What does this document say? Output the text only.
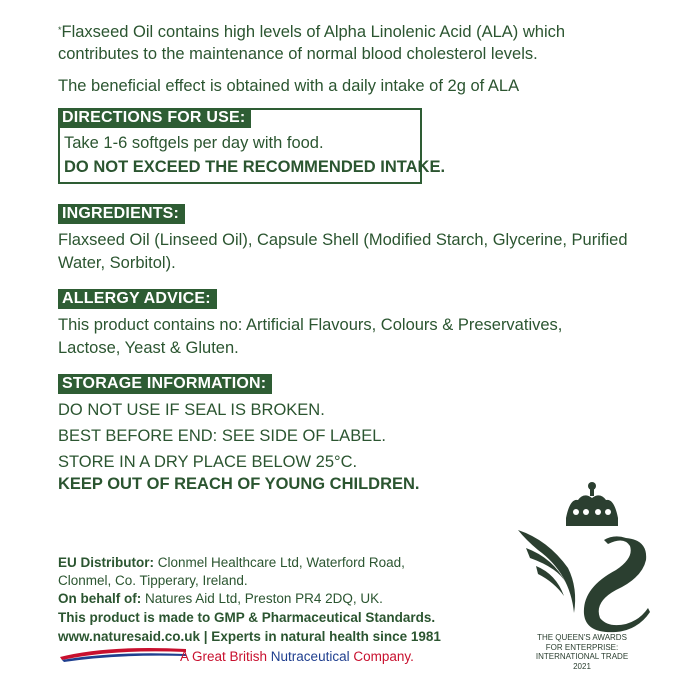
*Flaxseed Oil contains high levels of Alpha Linolenic Acid (ALA) which
contributes to the maintenance of normal blood cholesterol levels.
The beneficial effect is obtained with a daily intake of 2g of ALA
DIRECTIONS FOR USE:
Take 1-6 softgels per day with food.
DO NOT EXCEED THE RECOMMENDED INTAKE.
INGREDIENTS:
Flaxseed Oil (Linseed Oil), Capsule Shell (Modified Starch, Glycerine, Purified
Water, Sorbitol).
ALLERGY ADVICE:
This product contains no: Artificial Flavours, Colours & Preservatives,
Lactose, Yeast & Gluten.
STORAGE INFORMATION:
DO NOT USE IF SEAL IS BROKEN.
BEST BEFORE END: SEE SIDE OF LABEL.
STORE IN A DRY PLACE BELOW 25°C.
KEEP OUT OF REACH OF YOUNG CHILDREN.
EU Distributor: Clonmel Healthcare Ltd, Waterford Road,
Clonmel, Co. Tipperary, Ireland.
On behalf of: Natures Aid Ltd, Preston PR4 2DQ, UK.
This product is made to GMP & Pharmaceutical Standards.
www.naturesaid.co.uk | Experts in natural health since 1981
A Great British Nutraceutical Company.
THE QUEEN'S AWARDS
FOR ENTERPRISE:
INTERNATIONAL TRADE
2021
